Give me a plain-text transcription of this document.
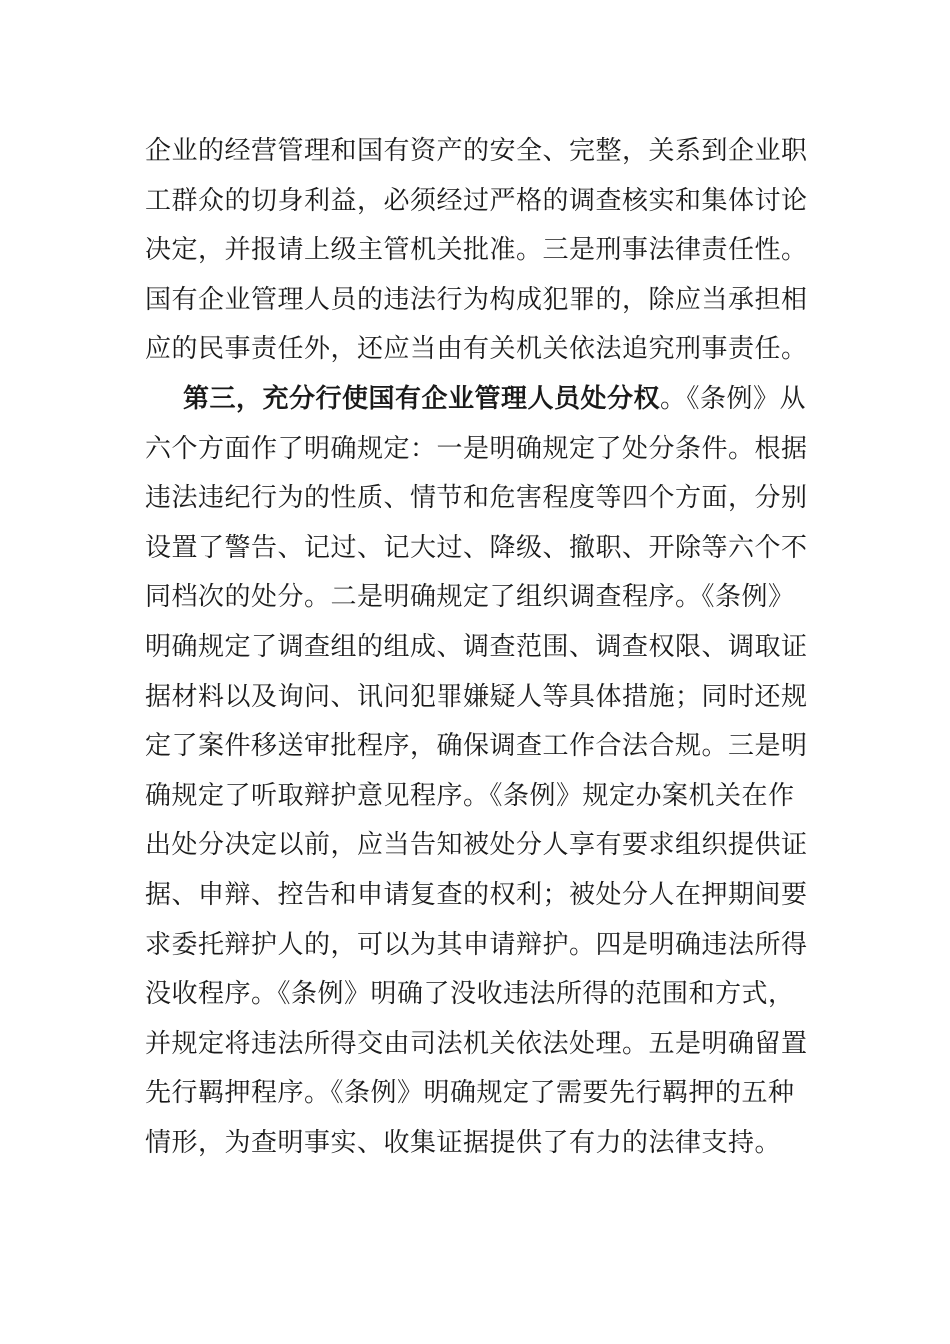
企业的经营管理和国有资产的安全、完整，关系到企业职
工群众的切身利益，必须经过严格的调查核实和集体讨论
决定，并报请上级主管机关批准。三是刑事法律责任性。
国有企业管理人员的违法行为构成犯罪的，除应当承担相
应的民事责任外，还应当由有关机关依法追究刑事责任。
第三，充分行使国有企业管理人员处分权。《条例》从
六个方面作了明确规定：一是明确规定了处分条件。根据
违法违纪行为的性质、情节和危害程度等四个方面，分别
设置了警告、记过、记大过、降级、撤职、开除等六个不
同档次的处分。二是明确规定了组织调查程序。《条例》
明确规定了调查组的组成、调查范围、调查权限、调取证
据材料以及询问、讯问犯罪嫌疑人等具体措施；同时还规
定了案件移送审批程序，确保调查工作合法合规。三是明
确规定了听取辩护意见程序。《条例》规定办案机关在作
出处分决定以前，应当告知被处分人享有要求组织提供证
据、申辩、控告和申请复查的权利；被处分人在押期间要
求委托辩护人的，可以为其申请辩护。四是明确违法所得
没收程序。《条例》明确了没收违法所得的范围和方式，
并规定将违法所得交由司法机关依法处理。五是明确留置
先行羁押程序。《条例》明确规定了需要先行羁押的五种
情形，为查明事实、收集证据提供了有力的法律支持。
